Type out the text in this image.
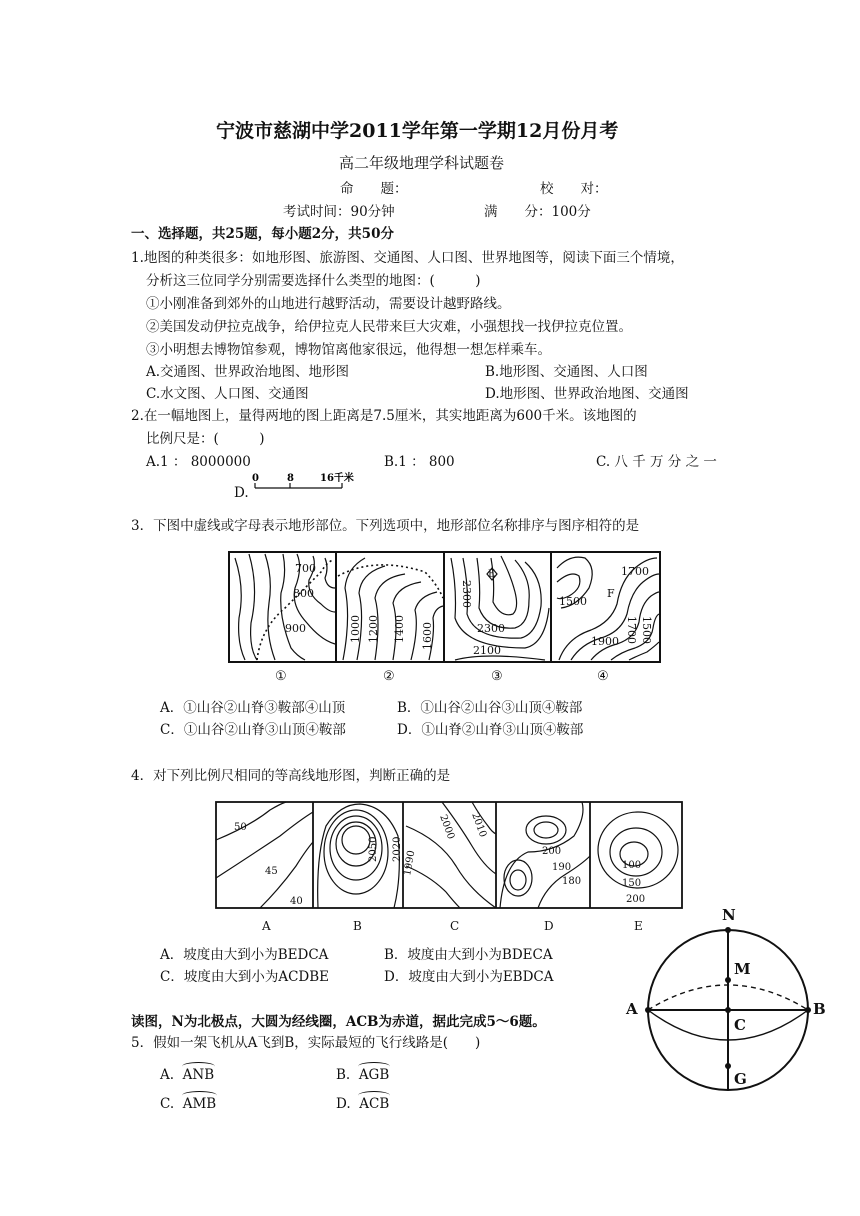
宁波市慈湖中学2011学年第一学期12月份月考
高二年级地理学科试题卷
命　　题：	校　　对：
考试时间：90分钟	满　　分：100分
一、选择题，共25题，每小题2分，共50分
1.地图的种类很多：如地形图、旅游图、交通图、人口图、世界地图等，阅读下面三个情境，
分析这三位同学分别需要选择什么类型的地图：(　　　)
①小刚准备到郊外的山地进行越野活动，需要设计越野路线。
②美国发动伊拉克战争，给伊拉克人民带来巨大灾难，小强想找一找伊拉克位置。
③小明想去博物馆参观，博物馆离他家很远，他得想一想怎样乘车。
A.交通图、世界政治地图、地形图	B.地形图、交通图、人口图
C.水文图、人口图、交通图	D.地形图、世界政治地图、交通图
2.在一幅地图上，量得两地的图上距离是7.5厘米，其实地距离为600千米。该地图的
比例尺是：(　　　)
A.1 ： 8000000	B.1 ： 800	C. 八 千 万 分 之 一
D.
0	8	16千米
3．下图中虚线或字母表示地形部位。下列选项中，地形部位名称排序与图序相符的是
700
800
900	1000 1200 1400 1600
2300
E
2300
2100
1700
1500
F
1900 1700 1500
①	②	③	④
A．①山谷②山脊③鞍部④山顶	B．①山谷②山谷③山顶④鞍部
C．①山谷②山脊③山顶④鞍部	D．①山脊②山脊③山顶④鞍部
4．对下列比例尺相同的等高线地形图，判断正确的是
50
45
40
2050 2020
2000 2010
1990	200
190
180
100
150
200
A	B	C	D	E
A．坡度由大到小为BEDCA	B．坡度由大到小为BDECA
C．坡度由大到小为ACDBE	D．坡度由大到小为EBDCA
读图，N为北极点，大圆为经线圈，ACB为赤道，据此完成5～6题。
5．假如一架飞机从A飞到B，实际最短的飞行线路是(　　)
A. ANB	B. AGB
C. AMB	D. ACB
N
M
A	B
C
G
